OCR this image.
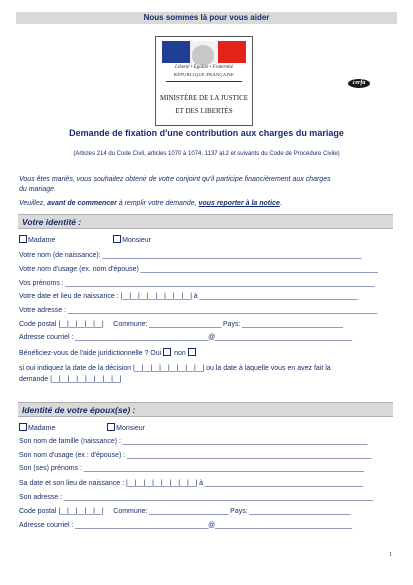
Nous sommes là pour vous aider
Liberté • Égalité • Fraternité
RÉPUBLIQUE FRANÇAISE
MINISTÈRE DE LA JUSTICE
ET DES LIBERTÉS
cerfa
Demande de fixation d'une contribution aux charges du mariage
(Articles 214 du Code Civil, articles 1070 à 1074, 1137 al.2 et suivants du Code de Procédure Civile)
Vous êtes mariés, vous souhaitez obtenir de votre conjoint qu'il participe financièrement aux charges
du mariage.
Veuillez, avant de commencer à remplir votre demande, vous reporter à la notice.
Votre identité :
Madame	Monsieur
Votre nom (de naissance): ________________________________________________________________________
Votre nom d'usage (ex. nom d'épouse) __________________________________________________________________
Vos prénoms : ______________________________________________________________________________________
Votre date et lieu de naissance : |__|__|__|__|__|__|__|__| à ____________________________________________
Votre adresse : ______________________________________________________________________________________
Code postal |__|__|__|__|__| Commune: ____________________ Pays: ____________________________
Adresse courriel : _____________________________________@______________________________________
Bénéficiez-vous de l'aide juridictionnelle ? Oui non
si oui indiquez la date de la décision |__|__|__|__|__|__|__|__| ou la date à laquelle vous en avez fait la
demande |__|__|__|__|__|__|__|__|
Identité de votre époux(se) :
Madame	Monsieur
Son nom de famille (naissance) : ____________________________________________________________________
Son nom d'usage (ex : d'épouse) : ____________________________________________________________________
Son (ses) prénoms : ______________________________________________________________________________
Sa date et son lieu de naissance : |__|__|__|__|__|__|__|__| à ____________________________________________
Son adresse : ______________________________________________________________________________________
Code postal |__|__|__|__|__| Commune: ______________________ Pays: ____________________________
Adresse courriel : _____________________________________@______________________________________
1
